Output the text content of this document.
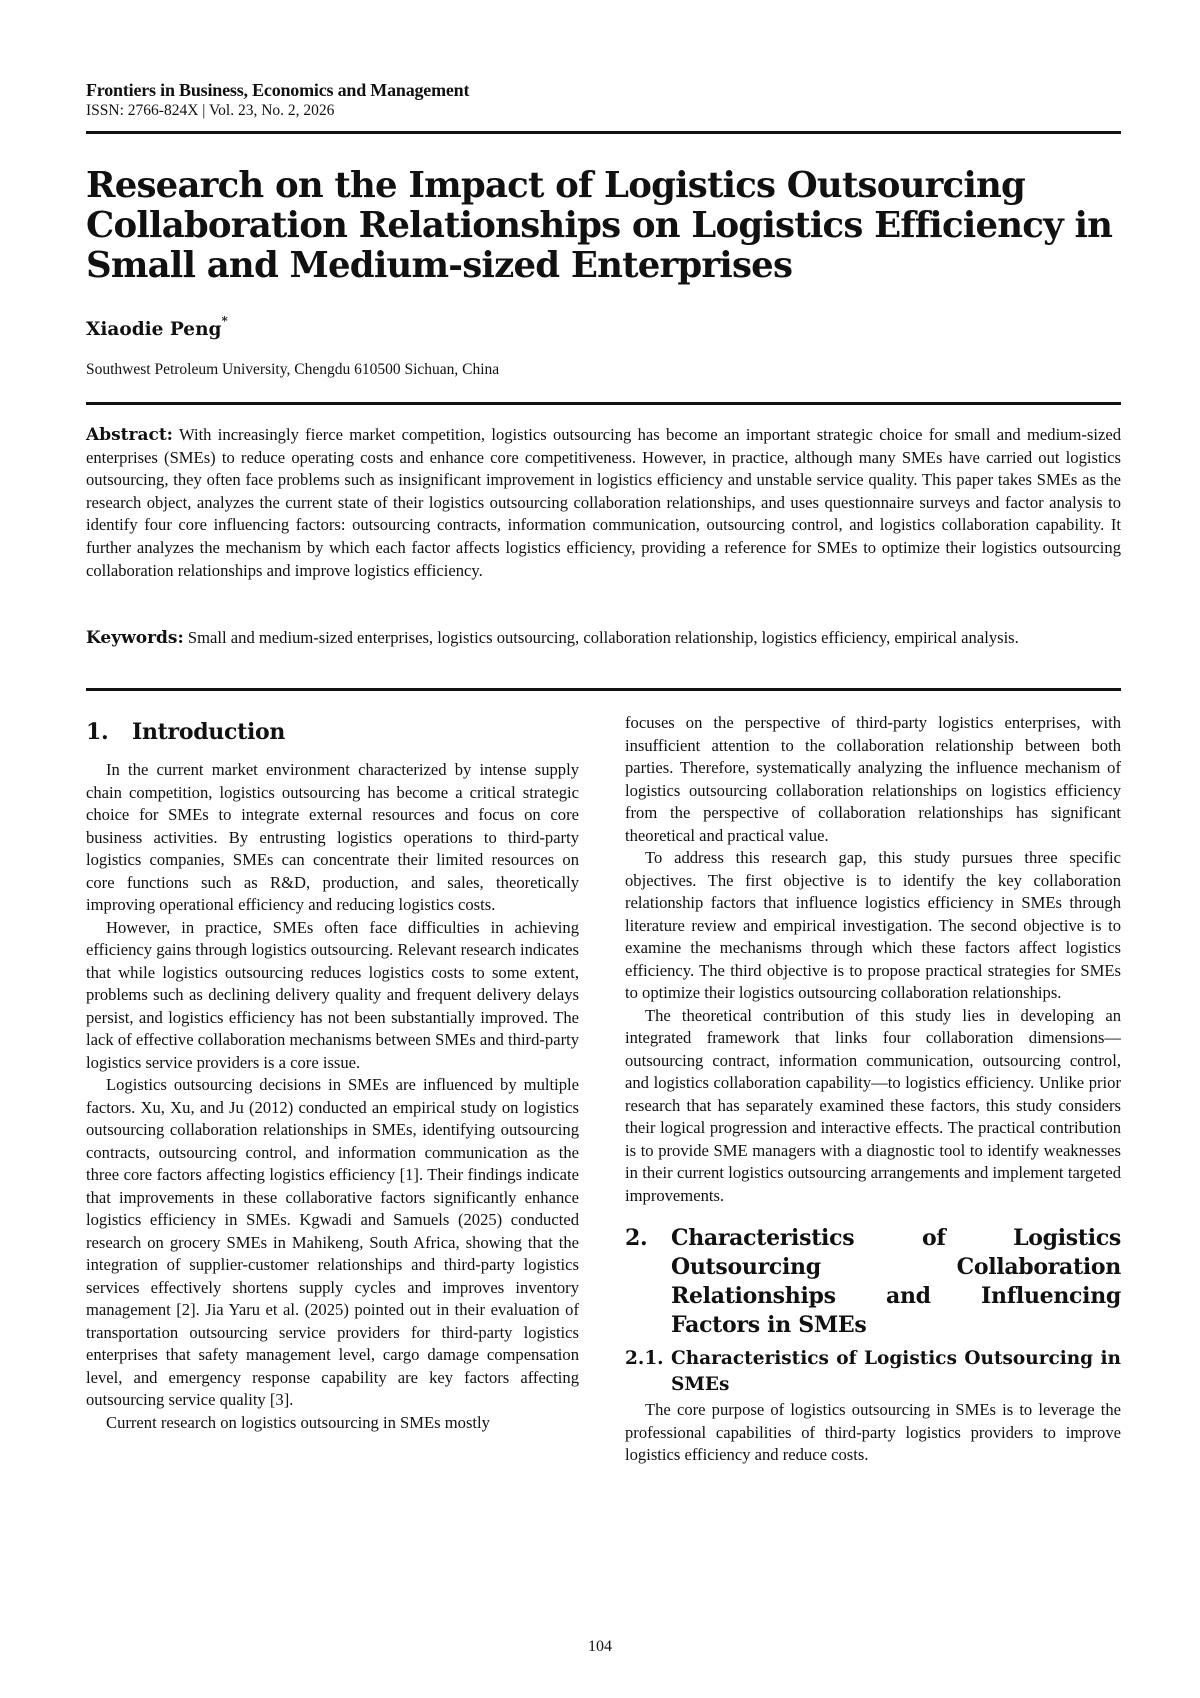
Frontiers in Business, Economics and Management
ISSN: 2766-824X | Vol. 23, No. 2, 2026
Research on the Impact of Logistics Outsourcing Collaboration Relationships on Logistics Efficiency in Small and Medium-sized Enterprises
Xiaodie Peng*
Southwest Petroleum University, Chengdu 610500 Sichuan, China
Abstract: With increasingly fierce market competition, logistics outsourcing has become an important strategic choice for small and medium-sized enterprises (SMEs) to reduce operating costs and enhance core competitiveness. However, in practice, although many SMEs have carried out logistics outsourcing, they often face problems such as insignificant improvement in logistics efficiency and unstable service quality. This paper takes SMEs as the research object, analyzes the current state of their logistics outsourcing collaboration relationships, and uses questionnaire surveys and factor analysis to identify four core influencing factors: outsourcing contracts, information communication, outsourcing control, and logistics collaboration capability. It further analyzes the mechanism by which each factor affects logistics efficiency, providing a reference for SMEs to optimize their logistics outsourcing collaboration relationships and improve logistics efficiency.
Keywords: Small and medium-sized enterprises, logistics outsourcing, collaboration relationship, logistics efficiency, empirical analysis.
1.	Introduction

In the current market environment characterized by intense supply chain competition, logistics outsourcing has become a critical strategic choice for SMEs to integrate external resources and focus on core business activities. By entrusting logistics operations to third-party logistics companies, SMEs can concentrate their limited resources on core functions such as R&D, production, and sales, theoretically improving operational efficiency and reducing logistics costs.

However, in practice, SMEs often face difficulties in achieving efficiency gains through logistics outsourcing. Relevant research indicates that while logistics outsourcing reduces logistics costs to some extent, problems such as declining delivery quality and frequent delivery delays persist, and logistics efficiency has not been substantially improved. The lack of effective collaboration mechanisms between SMEs and third-party logistics service providers is a core issue.

Logistics outsourcing decisions in SMEs are influenced by multiple factors. Xu, Xu, and Ju (2012) conducted an empirical study on logistics outsourcing collaboration relationships in SMEs, identifying outsourcing contracts, outsourcing control, and information communication as the three core factors affecting logistics efficiency [1]. Their findings indicate that improvements in these collaborative factors significantly enhance logistics efficiency in SMEs. Kgwadi and Samuels (2025) conducted research on grocery SMEs in Mahikeng, South Africa, showing that the integration of supplier-customer relationships and third-party logistics services effectively shortens supply cycles and improves inventory management [2]. Jia Yaru et al. (2025) pointed out in their evaluation of transportation outsourcing service providers for third-party logistics enterprises that safety management level, cargo damage compensation level, and emergency response capability are key factors affecting outsourcing service quality [3].

Current research on logistics outsourcing in SMEs mostly

focuses on the perspective of third-party logistics enterprises, with insufficient attention to the collaboration relationship between both parties. Therefore, systematically analyzing the influence mechanism of logistics outsourcing collaboration relationships on logistics efficiency from the perspective of collaboration relationships has significant theoretical and practical value.

To address this research gap, this study pursues three specific objectives. The first objective is to identify the key collaboration relationship factors that influence logistics efficiency in SMEs through literature review and empirical investigation. The second objective is to examine the mechanisms through which these factors affect logistics efficiency. The third objective is to propose practical strategies for SMEs to optimize their logistics outsourcing collaboration relationships.

The theoretical contribution of this study lies in developing an integrated framework that links four collaboration dimensions—outsourcing contract, information communication, outsourcing control, and logistics collaboration capability—to logistics efficiency. Unlike prior research that has separately examined these factors, this study considers their logical progression and interactive effects. The practical contribution is to provide SME managers with a diagnostic tool to identify weaknesses in their current logistics outsourcing arrangements and implement targeted improvements.

2.	Characteristics of Logistics Outsourcing Collaboration Relationships and Influencing Factors in SMEs
2.1. Characteristics of Logistics Outsourcing in SMEs

The core purpose of logistics outsourcing in SMEs is to leverage the professional capabilities of third-party logistics providers to improve logistics efficiency and reduce costs.

104
